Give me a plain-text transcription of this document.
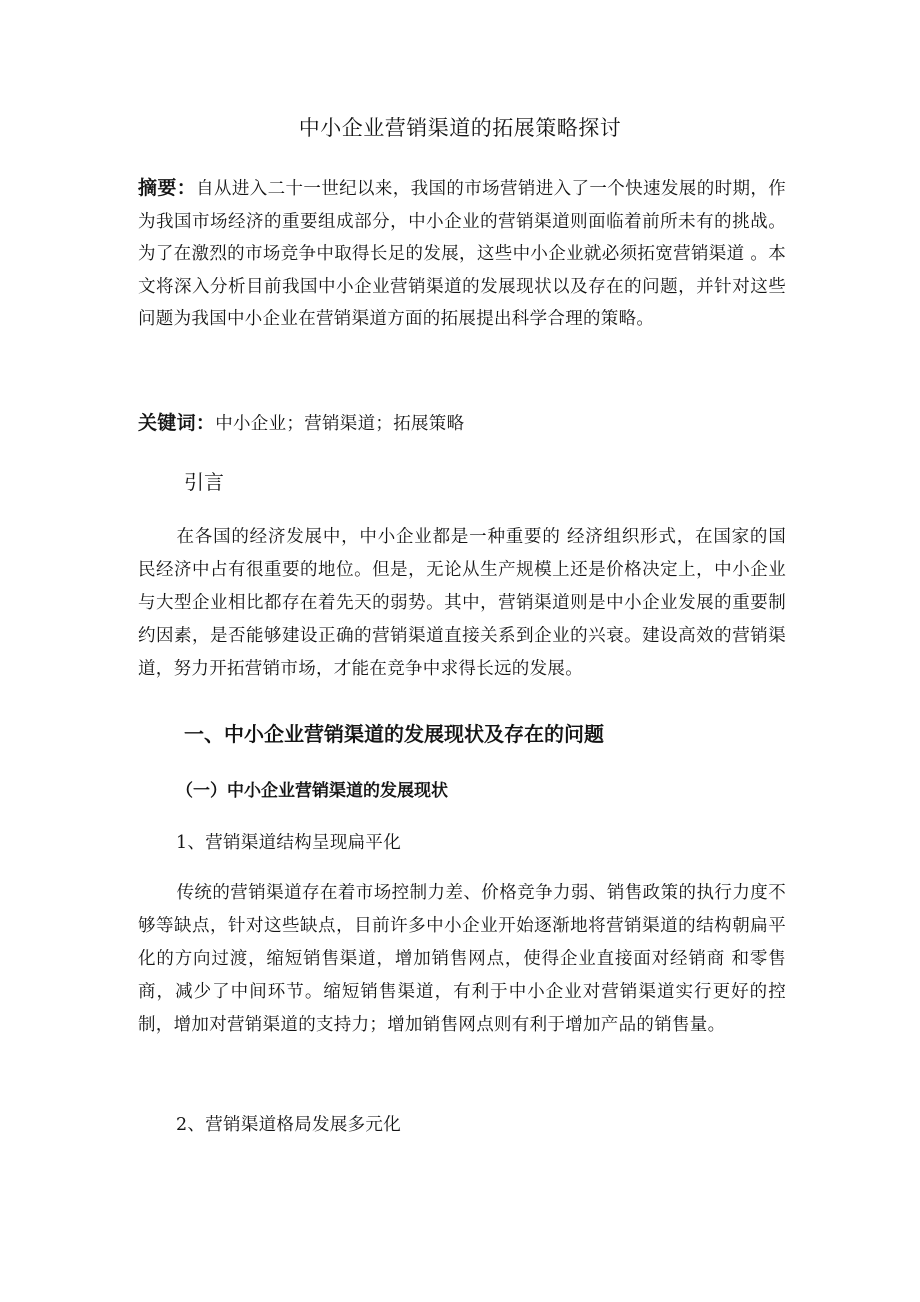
中小企业营销渠道的拓展策略探讨

摘要：自从进入二十一世纪以来，我国的市场营销进入了一个快速发展的时期，作为我国市场经济的重要组成部分，中小企业的营销渠道则面临着前所未有的挑战。为了在激烈的市场竞争中取得长足的发展，这些中小企业就必须拓宽营销渠道 。本文将深入分析目前我国中小企业营销渠道的发展现状以及存在的问题，并针对这些问题为我国中小企业在营销渠道方面的拓展提出科学合理的策略。

关键词：中小企业；营销渠道；拓展策略

引言

在各国的经济发展中，中小企业都是一种重要的 经济组织形式，在国家的国民经济中占有很重要的地位。但是，无论从生产规模上还是价格决定上，中小企业与大型企业相比都存在着先天的弱势。其中，营销渠道则是中小企业发展的重要制约因素，是否能够建设正确的营销渠道直接关系到企业的兴衰。建设高效的营销渠道，努力开拓营销市场，才能在竞争中求得长远的发展。

一、中小企业营销渠道的发展现状及存在的问题
（一）中小企业营销渠道的发展现状

1、营销渠道结构呈现扁平化

传统的营销渠道存在着市场控制力差、价格竞争力弱、销售政策的执行力度不够等缺点，针对这些缺点，目前许多中小企业开始逐渐地将营销渠道的结构朝扁平化的方向过渡，缩短销售渠道，增加销售网点，使得企业直接面对经销商 和零售商，减少了中间环节。缩短销售渠道，有利于中小企业对营销渠道实行更好的控制，增加对营销渠道的支持力；增加销售网点则有利于增加产品的销售量。

2、营销渠道格局发展多元化
